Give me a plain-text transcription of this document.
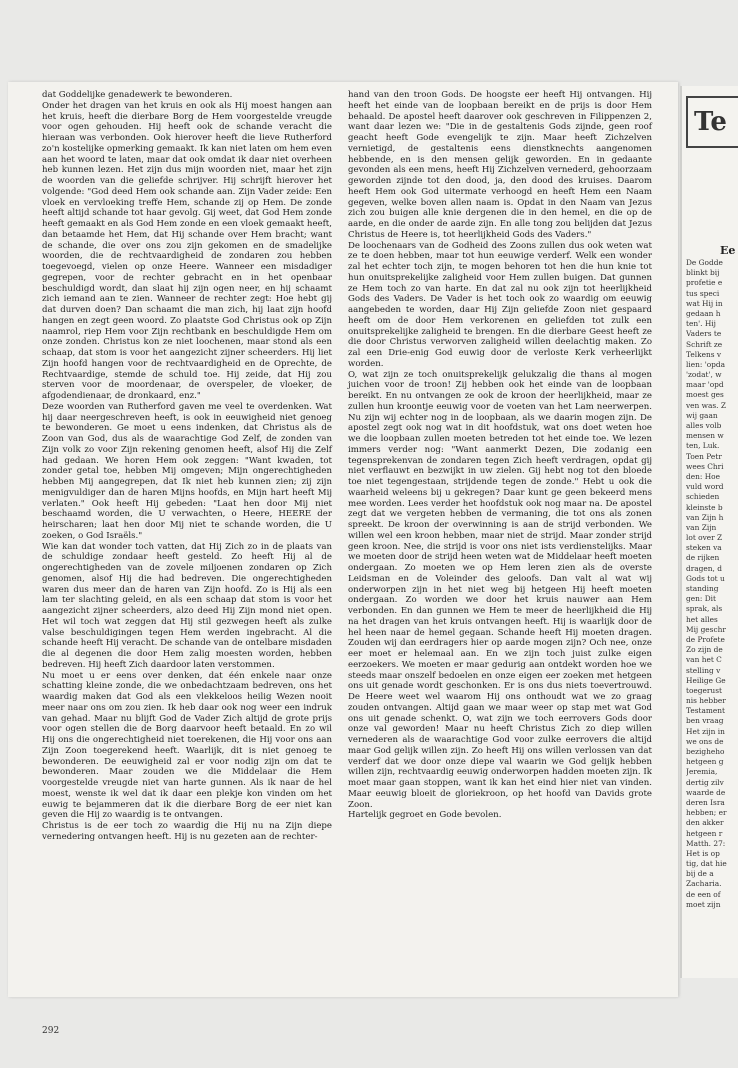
dat Goddelijke genadewerk te bewonderen.

Onder het dragen van het kruis en ook als Hij moest hangen aan het kruis, heeft die dierbare Borg de Hem voorgestelde vreugde voor ogen gehouden. Hij heeft ook de schande veracht die hieraan was verbonden. Ook hierover heeft die lieve Rutherford zo'n kostelijke opmerking gemaakt. Ik kan niet laten om hem even aan het woord te laten, maar dat ook omdat ik daar niet overheen heb kunnen lezen. Het zijn dus mijn woorden niet, maar het zijn de woorden van die geliefde schrijver. Hij schrijft hierover het volgende: "God deed Hem ook schande aan. Zijn Vader zeide: Een vloek en vervloeking treffe Hem, schande zij op Hem. De zonde heeft altijd schande tot haar gevolg. Gij weet, dat God Hem zonde heeft gemaakt en als God Hem zonde en een vloek gemaakt heeft, dan betaamde het Hem, dat Hij schande over Hem bracht; want de schande, die over ons zou zijn gekomen en de smadelijke woorden, die de rechtvaardigheid de zondaren zou hebben toegevoegd, vielen op onze Heere. Wanneer een misdadiger gegrepen, voor de rechter gebracht en in het openbaar beschuldigd wordt, dan slaat hij zijn ogen neer, en hij schaamt zich iemand aan te zien. Wanneer de rechter zegt: Hoe hebt gij dat durven doen? Dan schaamt die man zich, hij laat zijn hoofd hangen en zegt geen woord. Zo plaatste God Christus ook op Zijn naamrol, riep Hem voor Zijn rechtbank en beschuldigde Hem om onze zonden. Christus kon ze niet loochenen, maar stond als een schaap, dat stom is voor het aangezicht zijner scheerders. Hij liet Zijn hoofd hangen voor de rechtvaardigheid en de Oprechte, de Rechtvaardige, stemde de schuld toe. Hij zeide, dat Hij zou sterven voor de moordenaar, de overspeler, de vloeker, de afgodendienaar, de dronkaard, enz."

Deze woorden van Rutherford gaven me veel te overdenken. Wat hij daar neergeschreven heeft, is ook in eeuwigheid niet genoeg te bewonderen. Ge moet u eens indenken, dat Christus als de Zoon van God, dus als de waarachtige God Zelf, de zonden van Zijn volk zo voor Zijn rekening genomen heeft, alsof Hij die Zelf had gedaan. We horen Hem ook zeggen: "Want kwaden, tot zonder getal toe, hebben Mij omgeven; Mijn ongerechtigheden hebben Mij aangegrepen, dat Ik niet heb kunnen zien; zij zijn menigvuldiger dan de haren Mijns hoofds, en Mijn hart heeft Mij verlaten." Ook heeft Hij gebeden: "Laat hen door Mij niet beschaamd worden, die U verwachten, o Heere, HEERE der heirscharen; laat hen door Mij niet te schande worden, die U zoeken, o God Israëls."

Wie kan dat wonder toch vatten, dat Hij Zich zo in de plaats van de schuldige zondaar heeft gesteld. Zo heeft Hij al de ongerechtigheden van de zovele miljoenen zondaren op Zich genomen, alsof Hij die had bedreven. Die ongerechtigheden waren dus meer dan de haren van Zijn hoofd. Zo is Hij als een lam ter slachting geleid, en als een schaap dat stom is voor het aangezicht zijner scheerders, alzo deed Hij Zijn mond niet open. Het wil toch wat zeggen dat Hij stil gezwegen heeft als zulke valse beschuldigingen tegen Hem werden ingebracht. Al die schande heeft Hij veracht. De schande van de ontelbare misdaden die al degenen die door Hem zalig moesten worden, hebben bedreven. Hij heeft Zich daardoor laten verstommen.

Nu moet u er eens over denken, dat één enkele naar onze schatting kleine zonde, die we onbedachtzaam bedreven, ons het waardig maken dat God als een vlekkeloos heilig Wezen nooit meer naar ons om zou zien. Ik heb daar ook nog weer een indruk van gehad. Maar nu blijft God de Vader Zich altijd de grote prijs voor ogen stellen die de Borg daarvoor heeft betaald. En zo wil Hij ons die ongerechtigheid niet toerekenen, die Hij voor ons aan Zijn Zoon toegerekend heeft. Waarlijk, dit is niet genoeg te bewonderen. De eeuwigheid zal er voor nodig zijn om dat te bewonderen. Maar zouden we die Middelaar die Hem voorgestelde vreugde niet van harte gunnen. Als ik naar de hel moest, wenste ik wel dat ik daar een plekje kon vinden om het euwig te bejammeren dat ik die dierbare Borg de eer niet kan geven die Hij zo waardig is te ontvangen.

Christus is de eer toch zo waardig die Hij nu na Zijn diepe vernedering ontvangen heeft. Hij is nu gezeten aan de rechter-

hand van den troon Gods. De hoogste eer heeft Hij ontvangen. Hij heeft het einde van de loopbaan bereikt en de prijs is door Hem behaald. De apostel heeft daarover ook geschreven in Filippenzen 2, want daar lezen we: "Die in de gestaltenis Gods zijnde, geen roof geacht heeft Gode evengelijk te zijn. Maar heeft Zichzelven vernietigd, de gestaltenis eens dienstknechts aangenomen hebbende, en is den mensen gelijk geworden. En in gedaante gevonden als een mens, heeft Hij Zichzelven vernederd, gehoorzaam geworden zijnde tot den dood, ja, den dood des kruises. Daarom heeft Hem ook God uitermate verhoogd en heeft Hem een Naam gegeven, welke boven allen naam is. Opdat in den Naam van Jezus zich zou buigen alle knie dergenen die in den hemel, en die op de aarde, en die onder de aarde zijn. En alle tong zou belijden dat Jezus Christus de Heere is, tot heerlijkheid Gods des Vaders."

De loochenaars van de Godheid des Zoons zullen dus ook weten wat ze te doen hebben, maar tot hun eeuwige verderf. Welk een wonder zal het echter toch zijn, te mogen behoren tot hen die hun knie tot hun onuitsprekelijke zaligheid voor Hem zullen buigen. Dat gunnen ze Hem toch zo van harte. En dat zal nu ook zijn tot heerlijkheid Gods des Vaders. De Vader is het toch ook zo waardig om eeuwig aangebeden te worden, daar Hij Zijn geliefde Zoon niet gespaard heeft om de door Hem verkorenen en geliefden tot zulk een onuitsprekelijke zaligheid te brengen. En die dierbare Geest heeft ze die door Christus verworven zaligheid willen deelachtig maken. Zo zal een Drie-enig God euwig door de verloste Kerk verheerlijkt worden.

O, wat zijn ze toch onuitsprekelijk gelukzalig die thans al mogen juichen voor de troon! Zij hebben ook het einde van de loopbaan bereikt. En nu ontvangen ze ook de kroon der heerlijkheid, maar ze zullen hun kroontje eeuwig voor de voeten van het Lam neerwerpen. Nu zijn wij echter nog in de loopbaan, als we daarin mogen zijn. De apostel zegt ook nog wat in dit hoofdstuk, wat ons doet weten hoe we die loopbaan zullen moeten betreden tot het einde toe. We lezen immers verder nog: "Want aanmerkt Dezen, Die zodanig een tegensprekenvan de zondaren tegen Zich heeft verdragen, opdat gij niet verflauwt en bezwijkt in uw zielen. Gij hebt nog tot den bloede toe niet tegengestaan, strijdende tegen de zonde." Hebt u ook die waarheid weleens bij u gekregen? Daar kunt ge geen bekeerd mens mee worden. Lees verder het hoofdstuk ook nog maar na. De apostel zegt dat we vergeten hebben de vermaning, die tot ons als zonen spreekt. De kroon der overwinning is aan de strijd verbonden. We willen wel een kroon hebben, maar niet de strijd. Maar zonder strijd geen kroon. Nee, die strijd is voor ons niet ists verdienstelijks. Maar we moeten door de strijd heen weten wat de Middelaar heeft moeten ondergaan. Zo moeten we op Hem leren zien als de overste Leidsman en de Voleinder des geloofs. Dan valt al wat wij onderworpen zijn in het niet weg bij hetgeen Hij heeft moeten ondergaan. Zo worden we door het kruis nauwer aan Hem verbonden. En dan gunnen we Hem te meer de heerlijkheid die Hij na het dragen van het kruis ontvangen heeft. Hij is waarlijk door de hel heen naar de hemel gegaan. Schande heeft Hij moeten dragen. Zouden wij dan eerdragers hier op aarde mogen zijn? Och nee, onze eer moet er helemaal aan. En we zijn toch juist zulke eigen eerzoekers. We moeten er maar gedurig aan ontdekt worden hoe we steeds maar onszelf bedoelen en onze eigen eer zoeken met hetgeen ons uit genade wordt geschonken. Er is ons dus niets toevertrouwd. De Heere weet wel waarom Hij ons onthoudt wat we zo graag zouden ontvangen. Altijd gaan we maar weer op stap met wat God ons uit genade schenkt. O, wat zijn we toch eerrovers Gods door onze val geworden! Maar nu heeft Christus Zich zo diep willen vernederen als de waarachtige God voor zulke eerrovers die altijd maar God gelijk willen zijn. Zo heeft Hij ons willen verlossen van dat verderf dat we door onze diepe val waarin we God gelijk hebben willen zijn, rechtvaardig eeuwig onderworpen hadden moeten zijn. Ik moet maar gaan stoppen, want ik kan het eind hier niet van vinden. Maar eeuwig bloeit de gloriekroon, op het hoofd van Davids grote Zoon.

Hartelijk gegroet en Gode bevolen.

292
Te
Ee
De Godde
blinkt bij
profetie e
tus speci
wat Hij in
gedaan h
ten'. Hij
Vaders te
Schrift ze
Telkens v
lien: 'opda
'zodat', w
maar 'opd
moest ges
ven was. Z
wij gaan
alles volb
mensen w
ten, Luk.
Toen Petr
wees Chri
den: Hoe
vuld word
schieden
kleinste b
van Zijn h
van Zijn
lot over Z
steken va
de rijken
dragen, d
Gods tot u
standing
gen: Dit
sprak, als
het alles
Mij geschr
de Profete
Zo zijn de
van het C
stelling v
Heilige Ge
toegerust
nis hebber
Testament
ben vraag
Het zijn in
we ons de
bezigheho
hetgeen g
Jeremia,
dertig zilv
waarde de
deren Isra
hebben; er
den akker
hetgeen r
Matth. 27:
Het is op
tig, dat hie
bij de a
Zacharia.
de een of
moet zijn
